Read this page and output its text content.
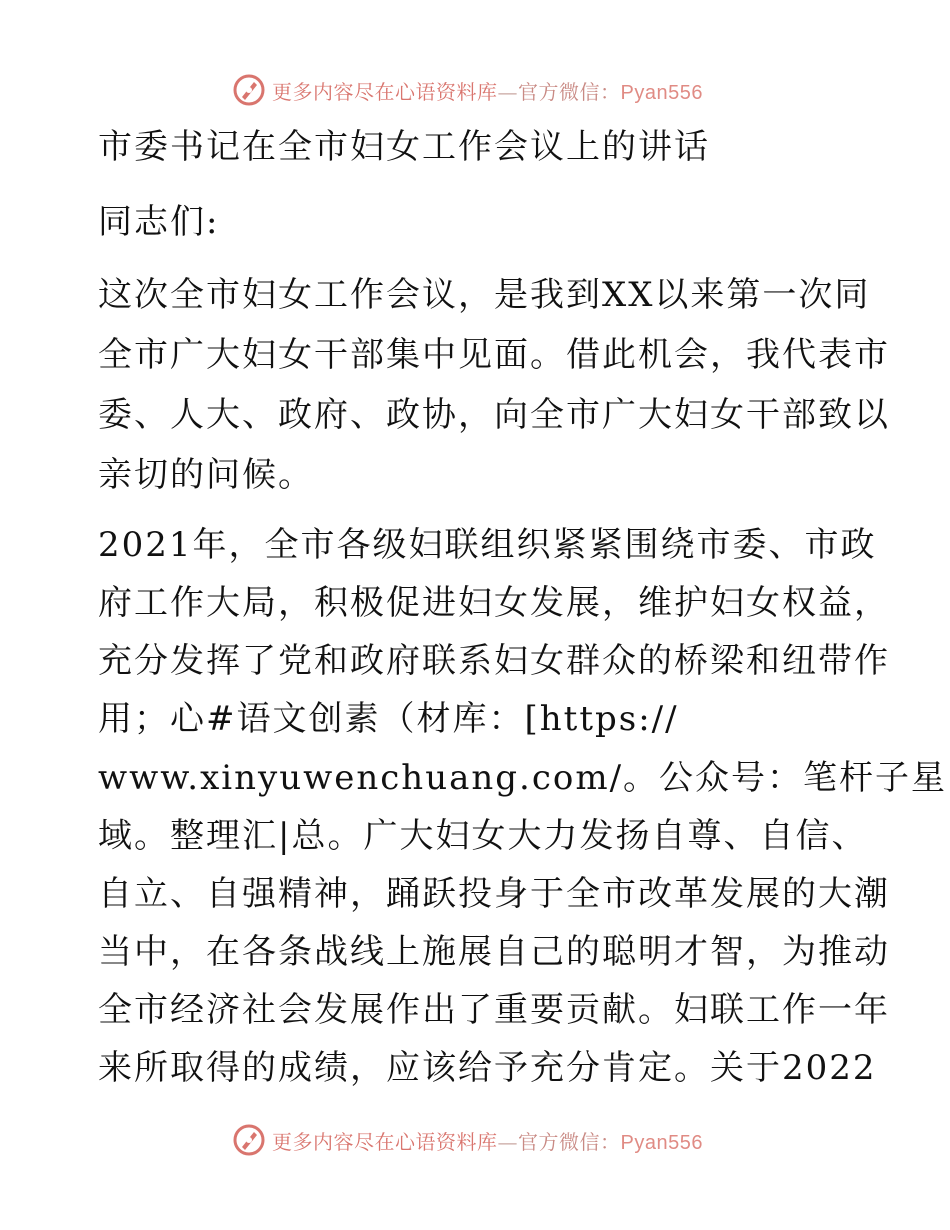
更多内容尽在心语资料库—官方微信：Pyan556
市委书记在全市妇女工作会议上的讲话
同志们:
这次全市妇女工作会议，是我到XX以来第一次同
全市广大妇女干部集中见面。借此机会，我代表市
委、人大、政府、政协，向全市广大妇女干部致以
亲切的问候。
2021年，全市各级妇联组织紧紧围绕市委、市政
府工作大局，积极促进妇女发展，维护妇女权益，
充分发挥了党和政府联系妇女群众的桥梁和纽带作
用；心#语文创素（材库：[https://
www.xinyuwenchuang.com/。公众号：笔杆子星
域。整理汇|总。广大妇女大力发扬自尊、自信、
自立、自强精神，踊跃投身于全市改革发展的大潮
当中，在各条战线上施展自己的聪明才智，为推动
全市经济社会发展作出了重要贡献。妇联工作一年
来所取得的成绩，应该给予充分肯定。关于2022
更多内容尽在心语资料库—官方微信：Pyan556
